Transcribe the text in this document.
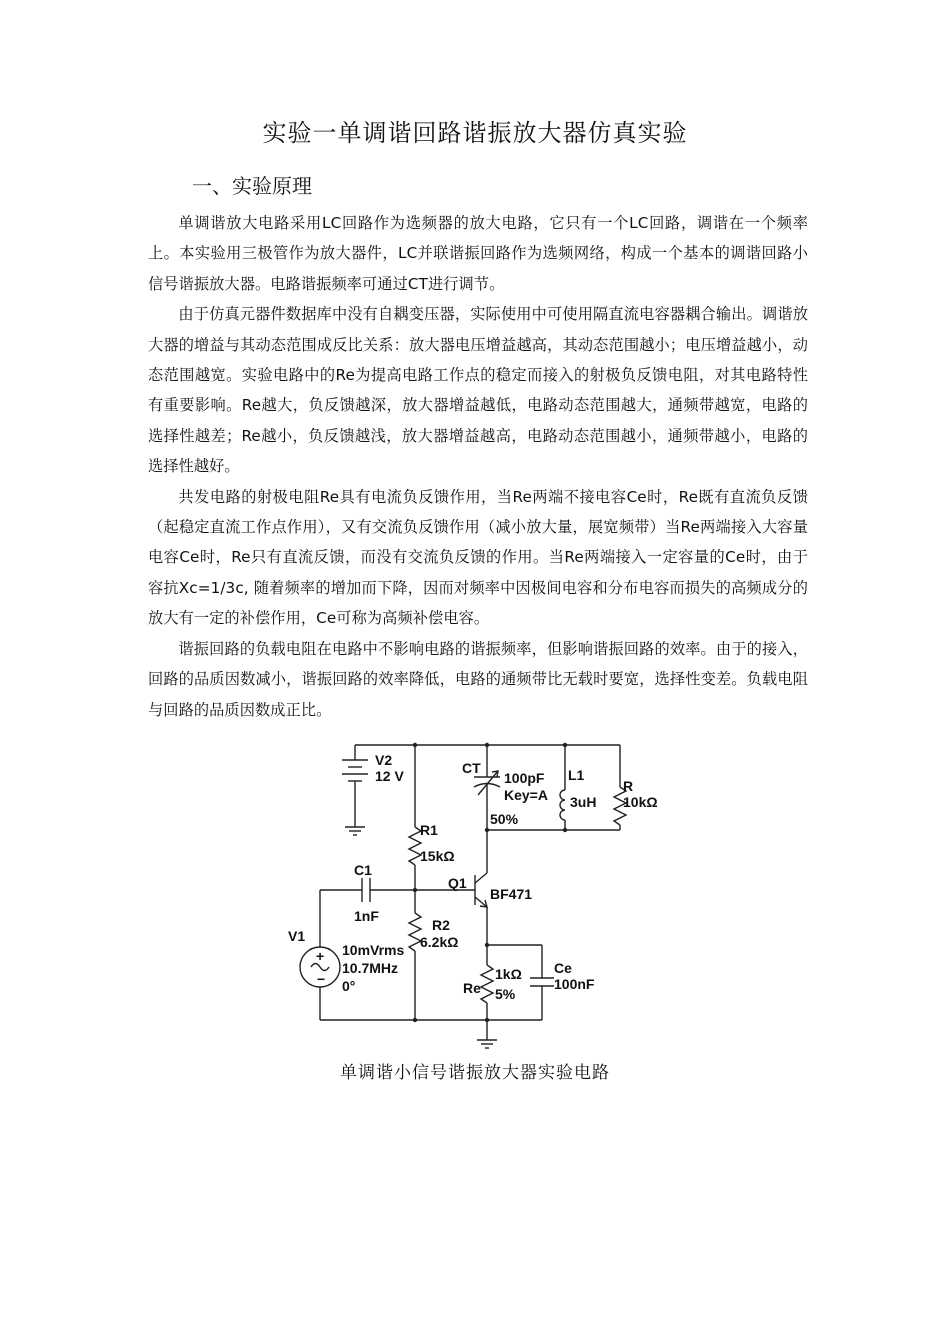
实验一单调谐回路谐振放大器仿真实验
一、实验原理

单调谐放大电路采用LC回路作为选频器的放大电路，它只有一个LC回路，调谐在一个频率上。本实验用三极管作为放大器件，LC并联谐振回路作为选频网络，构成一个基本的调谐回路小信号谐振放大器。电路谐振频率可通过CT进行调节。

由于仿真元器件数据库中没有自耦变压器，实际使用中可使用隔直流电容器耦合输出。调谐放大器的增益与其动态范围成反比关系：放大器电压增益越高，其动态范围越小；电压增益越小，动态范围越宽。实验电路中的Re为提高电路工作点的稳定而接入的射极负反馈电阻，对其电路特性有重要影响。Re越大，负反馈越深，放大器增益越低，电路动态范围越大，通频带越宽，电路的选择性越差；Re越小，负反馈越浅，放大器增益越高，电路动态范围越小，通频带越小，电路的选择性越好。

共发电路的射极电阻Re具有电流负反馈作用，当Re两端不接电容Ce时，Re既有直流负反馈（起稳定直流工作点作用），又有交流负反馈作用（减小放大量，展宽频带）当Re两端接入大容量电容Ce时，Re只有直流反馈，而没有交流负反馈的作用。当Re两端接入一定容量的Ce时，由于容抗Xc=1/3c, 随着频率的增加而下降，因而对频率中因极间电容和分布电容而损失的高频成分的放大有一定的补偿作用，Ce可称为高频补偿电容。

谐振回路的负载电阻在电路中不影响电路的谐振频率，但影响谐振回路的效率。由于的接入，回路的品质因数减小，谐振回路的效率降低，电路的通频带比无载时要宽，选择性变差。负载电阻与回路的品质因数成正比。

+
−
V2
12 V	CT
100pF
Key=A
50%
L1
3uH
R
10kΩ
R1
15kΩ
C1
1nF
Q1
BF471
R2
6.2kΩ
V1
10mVrms
10.7MHz
0°	Re
1kΩ
5%
Ce
100nF
单调谐小信号谐振放大器实验电路
